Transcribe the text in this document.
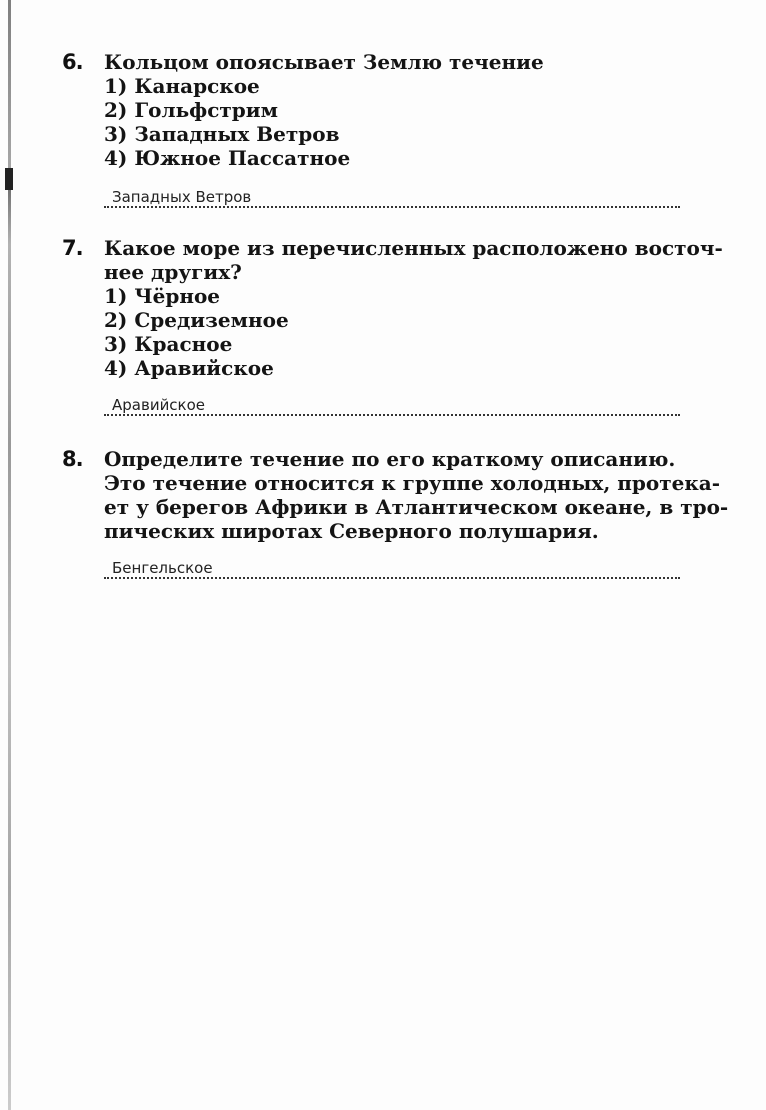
6. Кольцом опоясывает Землю течение
1) Канарское
2) Гольфстрим
3) Западных Ветров
4) Южное Пассатное
Западных Ветров
7. Какое море из перечисленных расположено восточ-
нее других?
1) Чёрное
2) Средиземное
3) Красное
4) Аравийское
Аравийское
8. Определите течение по его краткому описанию.
Это течение относится к группе холодных, протека-
ет у берегов Африки в Атлантическом океане, в тро-
пических широтах Северного полушария.
Бенгельское
